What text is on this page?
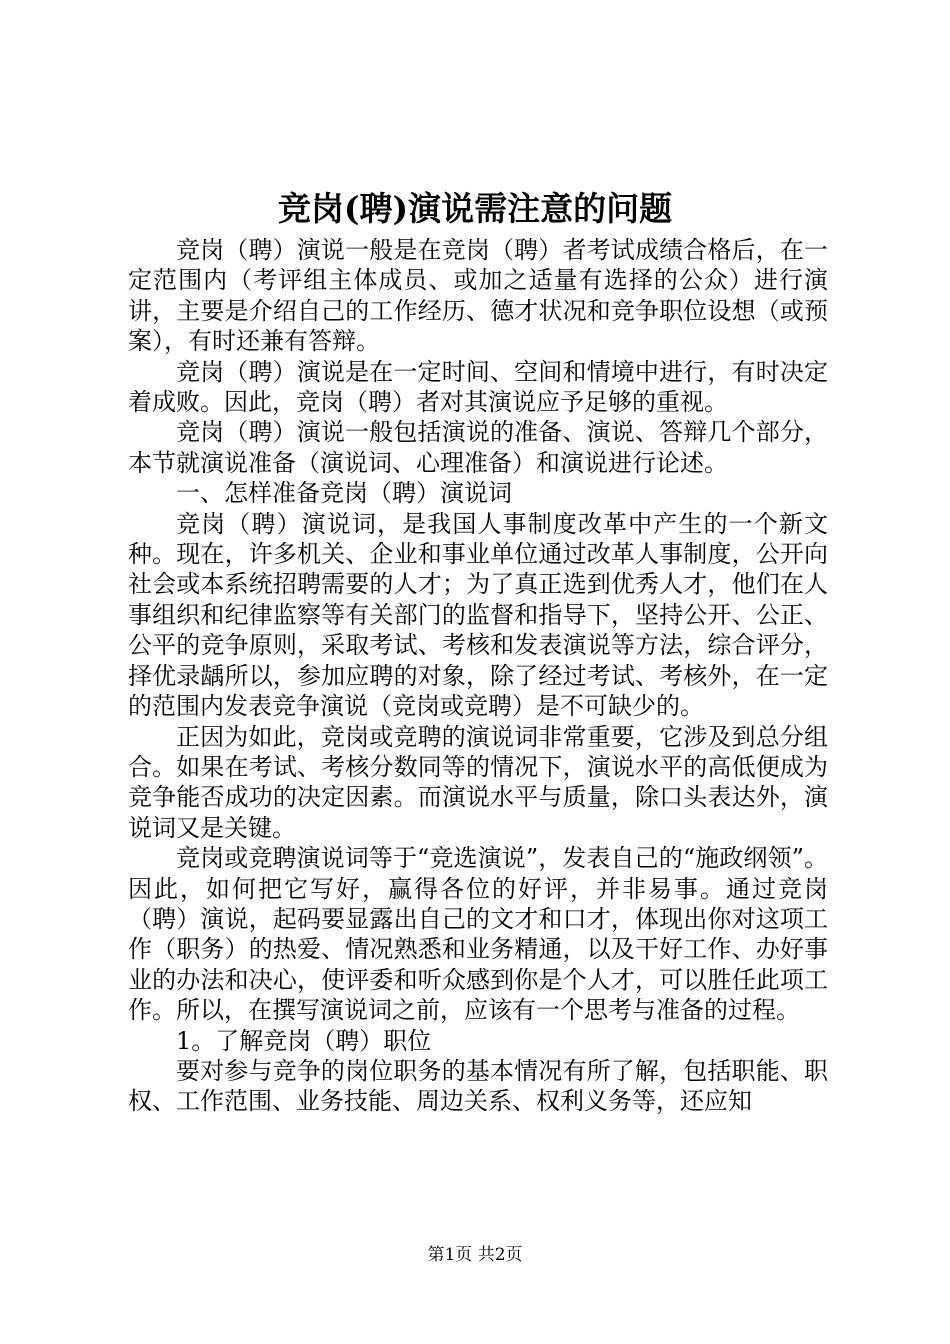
竞岗(聘)演说需注意的问题

竞岗（聘）演说一般是在竞岗（聘）者考试成绩合格后，在一定范围内（考评组主体成员、或加之适量有选择的公众）进行演讲，主要是介绍自己的工作经历、德才状况和竞争职位设想（或预案），有时还兼有答辩。

竞岗（聘）演说是在一定时间、空间和情境中进行，有时决定着成败。因此，竞岗（聘）者对其演说应予足够的重视。

竞岗（聘）演说一般包括演说的准备、演说、答辩几个部分，本节就演说准备（演说词、心理准备）和演说进行论述。

一、怎样准备竞岗（聘）演说词

竞岗（聘）演说词，是我国人事制度改革中产生的一个新文种。现在，许多机关、企业和事业单位通过改革人事制度，公开向社会或本系统招聘需要的人才；为了真正选到优秀人才，他们在人事组织和纪律监察等有关部门的监督和指导下，坚持公开、公正、公平的竞争原则，采取考试、考核和发表演说等方法，综合评分，择优录龋所以，参加应聘的对象，除了经过考试、考核外，在一定的范围内发表竞争演说（竞岗或竞聘）是不可缺少的。

正因为如此，竞岗或竞聘的演说词非常重要，它涉及到总分组合。如果在考试、考核分数同等的情况下，演说水平的高低便成为竞争能否成功的决定因素。而演说水平与质量，除口头表达外，演说词又是关键。

竞岗或竞聘演说词等于“竞选演说”，发表自己的“施政纲领”。因此，如何把它写好，赢得各位的好评，并非易事。通过竞岗（聘）演说，起码要显露出自己的文才和口才，体现出你对这项工作（职务）的热爱、情况熟悉和业务精通，以及干好工作、办好事业的办法和决心，使评委和听众感到你是个人才，可以胜任此项工作。所以，在撰写演说词之前，应该有一个思考与准备的过程。

1。了解竞岗（聘）职位

要对参与竞争的岗位职务的基本情况有所了解，包括职能、职权、工作范围、业务技能、周边关系、权利义务等，还应知

第1页 共2页
